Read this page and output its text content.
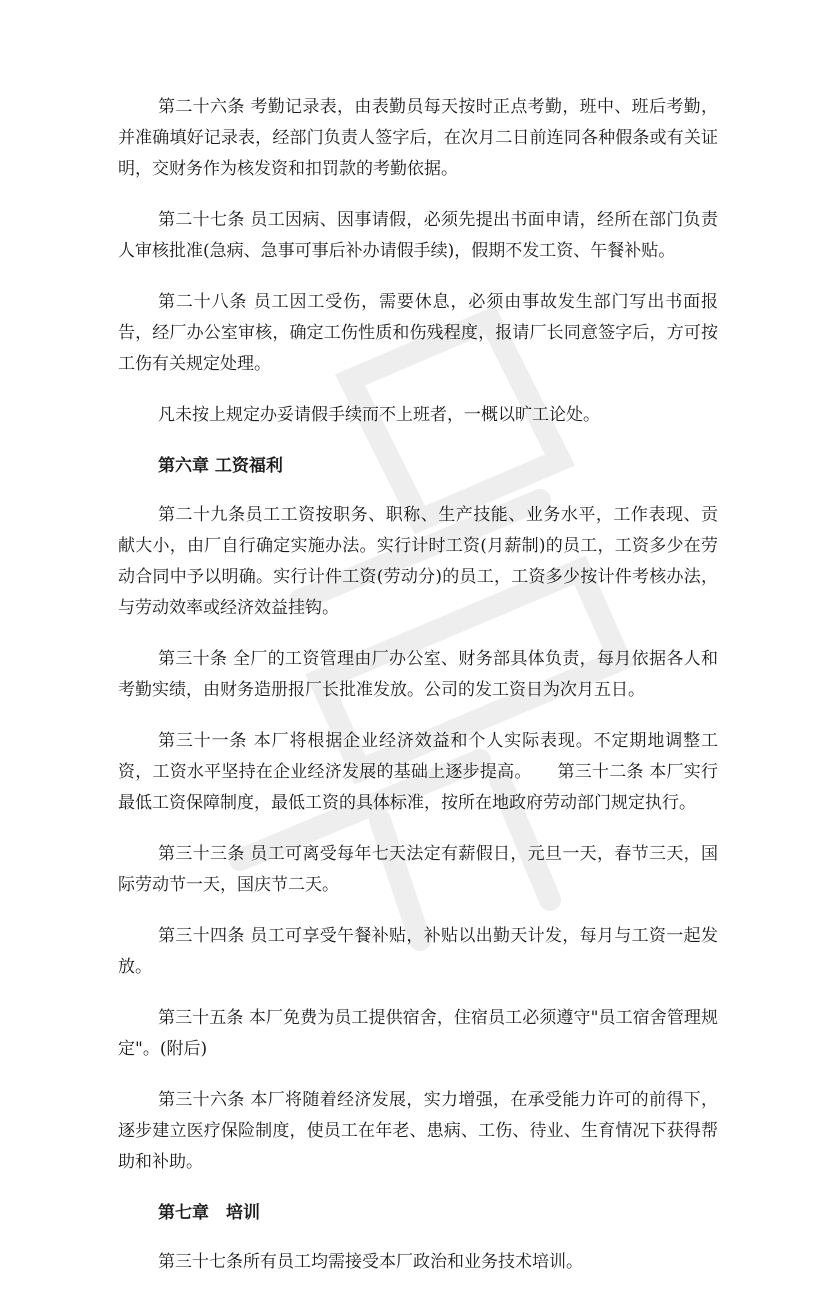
第二十六条 考勤记录表，由表勤员每天按时正点考勤，班中、班后考勤，并准确填好记录表，经部门负责人签字后，在次月二日前连同各种假条或有关证明，交财务作为核发资和扣罚款的考勤依据。

第二十七条 员工因病、因事请假，必须先提出书面申请，经所在部门负责人审核批准(急病、急事可事后补办请假手续)，假期不发工资、午餐补贴。

第二十八条 员工因工受伤，需要休息，必须由事故发生部门写出书面报告，经厂办公室审核，确定工伤性质和伤残程度，报请厂长同意签字后，方可按工伤有关规定处理。

凡未按上规定办妥请假手续而不上班者，一概以旷工论处。

第六章 工资福利

第二十九条员工工资按职务、职称、生产技能、业务水平，工作表现、贡献大小，由厂自行确定实施办法。实行计时工资(月薪制)的员工，工资多少在劳动合同中予以明确。实行计件工资(劳动分)的员工，工资多少按计件考核办法，与劳动效率或经济效益挂钩。

第三十条 全厂的工资管理由厂办公室、财务部具体负责，每月依据各人和考勤实绩，由财务造册报厂长批准发放。公司的发工资日为次月五日。

第三十一条 本厂将根据企业经济效益和个人实际表现。不定期地调整工资，工资水平坚持在企业经济发展的基础上逐步提高。　　第三十二条 本厂实行最低工资保障制度，最低工资的具体标准，按所在地政府劳动部门规定执行。

第三十三条 员工可离受每年七天法定有薪假日，元旦一天，春节三天，国际劳动节一天，国庆节二天。

第三十四条 员工可享受午餐补贴，补贴以出勤天计发，每月与工资一起发放。

第三十五条 本厂免费为员工提供宿舍，住宿员工必须遵守"员工宿舍管理规定"。(附后)

第三十六条 本厂将随着经济发展，实力增强，在承受能力许可的前得下，逐步建立医疗保险制度，使员工在年老、患病、工伤、待业、生育情况下获得帮助和补助。

第七章　培训

第三十七条所有员工均需接受本厂政治和业务技术培训。
